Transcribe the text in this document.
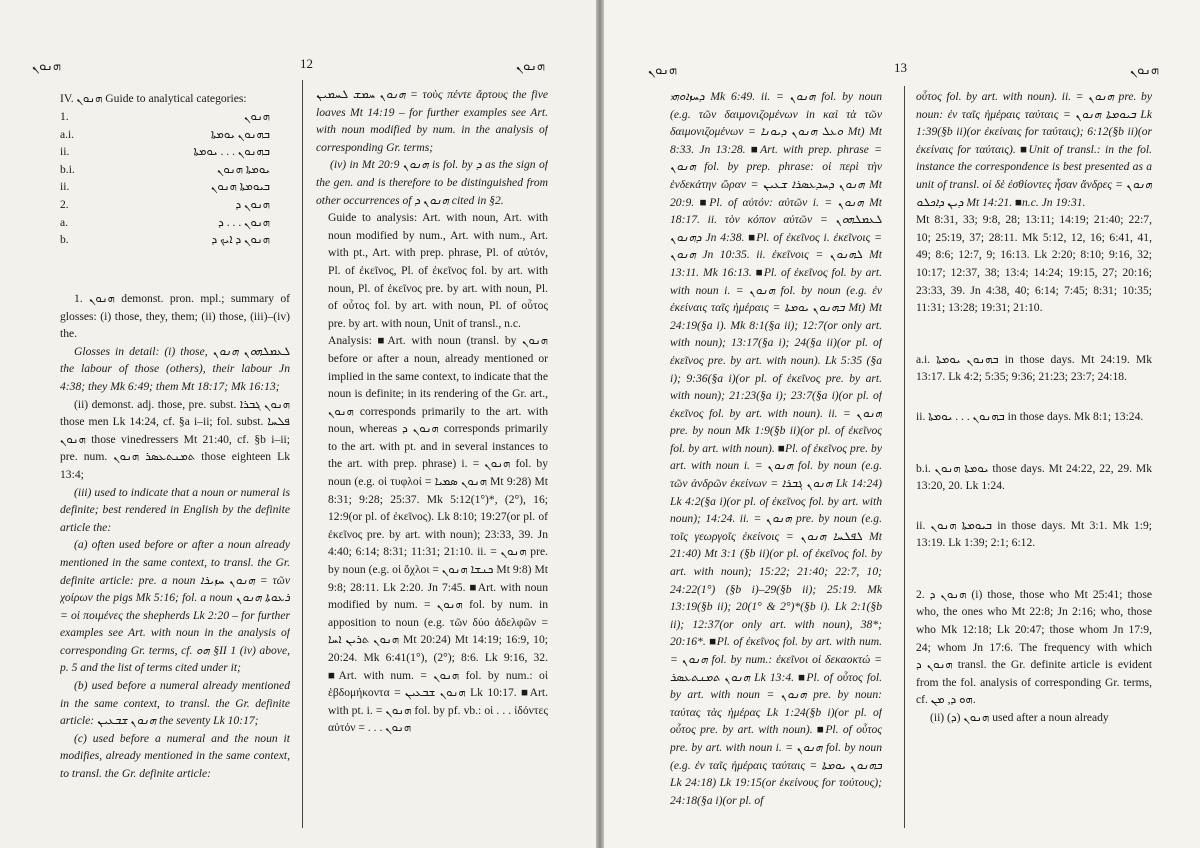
ܗܢܘܢ	12	ܗܢܘܢ
IV. ܗܢܘܢ Guide to analytical categories:
1.	ܗܢܘܢ
a.i.	ܒܗܢܘܢ ܝܘܡܬܐ
ii.	ܒܗܢܘܢ . . . ܝܘܡܬܐ
b.i.	ܝܘܡܬܐ ܗܢܘܢ
ii.	ܒܝܘܡܬܐ ܗܢܘܢ
2.	ܗܢܘܢ ܕ
a.	ܗܢܘܢ . . . ܕ
b.	ܗܢܘܢ ܕ ܐܝܟ ܕ

1. ܗܢܘܢ demonst. pron. mpl.; summary of glosses: (i) those, they, them; (ii) those, (iii)–(iv) the.

Glosses in detail: (i) those, ܠܥܡܠܗܘܢ ܗܢܘܢ the labour of those (others), their labour Jn 4:38; they Mk 6:49; them Mt 18:17; Mk 16:13;

(ii) demonst. adj. those, pre. subst. ܗܢܘܢ ܓܒܪܐ those men Lk 14:24, cf. §a i–ii; fol. subst. ܦܠܚܐ ܗܢܘܢ those vinedressers Mt 21:40, cf. §b i–ii; pre. num. ܬܡܢܬܥܣܪ ܗܢܘܢ those eighteen Lk 13:4;

(iii) used to indicate that a noun or numeral is definite; best rendered in English by the definite article the:

(a) often used before or after a noun already mentioned in the same context, to transl. the Gr. definite article: pre. a noun ܗܢܘܢ ܚܙܝܪܐ = τῶν χοίρων the pigs Mk 5:16; fol. a noun ܪܥܘܬܐ ܗܢܘܢ = οἱ ποιμένες the shepherds Lk 2:20 – for further examples see Art. with noun in the analysis of corresponding Gr. terms, cf. ܗܘ §II 1 (iv) above, p. 5 and the list of terms cited under it;

(b) used before a numeral already mentioned in the same context, to transl. the Gr. definite article: ܗܢܘܢ ܫܒܥܝܢ the seventy Lk 10:17;

(c) used before a numeral and the noun it modifies, already mentioned in the same context, to transl. the Gr. definite article:

ܗܢܘܢ ܚܡܫ ܠܚܡܝܢ = τοὺς πέντε ἄρτους the five loaves Mt 14:19 – for further examples see Art. with noun modified by num. in the analysis of corresponding Gr. terms;

(iv) in Mt 20:9 ܗܢܘܢ is fol. by ܕ as the sign of the gen. and is therefore to be distinguished from other occurrences of ܗܢܘܢ ܕ cited in §2.

Guide to analysis: Art. with noun, Art. with noun modified by num., Art. with num., Art. with pt., Art. with prep. phrase, Pl. of αὐτόν, Pl. of ἐκεῖνος, Pl. of ἐκεῖνος fol. by art. with noun, Pl. of ἐκεῖνος pre. by art. with noun, Pl. of οὗτος fol. by art. with noun, Pl. of οὗτος pre. by art. with noun, Unit of transl., n.c.

Analysis: ■Art. with noun (transl. by ܗܢܘܢ before or after a noun, already mentioned or implied in the same context, to indicate that the noun is definite; in its rendering of the Gr. art., ܗܢܘܢ corresponds primarily to the art. with noun, whereas ܗܢܘܢ ܕ corresponds primarily to the art. with pt. and in several instances to the art. with prep. phrase) i. = ܗܢܘܢ fol. by noun (e.g. οἱ τυφλοί = ܗܢܘܢ ܣܡܝܐ Mt 9:28) Mt 8:31; 9:28; 25:37. Mk 5:12(1°)*, (2°), 16; 12:9(or pl. of ἐκεῖνος). Lk 8:10; 19:27(or pl. of ἐκεῖνος pre. by art. with noun); 23:33, 39. Jn 4:40; 6:14; 8:31; 11:31; 21:10. ii. = ܗܢܘܢ pre. by noun (e.g. οἱ ὄχλοι = ܟܢܫܐ ܗܢܘܢ Mt 9:8) Mt 9:8; 28:11. Lk 2:20. Jn 7:45. ■Art. with noun modified by num. = ܗܢܘܢ fol. by num. in apposition to noun (e.g. τῶν δύο ἀδελφῶν = ܗܢܘܢ ܬܪܝܢ ܐܚܐ Mt 20:24) Mt 14:19; 16:9, 10; 20:24. Mk 6:41(1°), (2°); 8:6. Lk 9:16, 32. ■Art. with num. = ܗܢܘܢ fol. by num.: οἱ ἑβδομήκοντα = ܗܢܘܢ ܫܒܥܝܢ Lk 10:17. ■Art. with pt. i. = ܗܢܘܢ fol. by pf. vb.: οἱ . . . ἰδόντες αὐτόν = . . . ܗܢܘܢ

ܗܢܘܢ	13	ܗܢܘܢ

ܕܚܙܐܘܗܝ Mk 6:49. ii. = ܗܢܘܢ fol. by noun (e.g. τῶν δαιμονιζομένων in καὶ τὰ τῶν δαιμονιζομένων = ܘܥܠ ܗܢܘܢ ܕܝܘܢܐ Mt) Mt 8:33. Jn 13:28. ■Art. with prep. phrase = ܗܢܘܢ fol. by prep. phrase: οἱ περὶ τὴν ἑνδεκάτην ὥραν = ܗܢܘܢ ܕܚܕܥܣܪܐ ܫܥܝܢ Mt 20:9. ■Pl. of αὐτόν: αὐτῶν i. = ܗܢܘܢ Mt 18:17. ii. τὸν κόπον αὐτῶν = ܠܥܡܠܗܘܢ ܕܗܢܘܢ Jn 4:38. ■Pl. of ἐκεῖνος i. ἐκεῖνοις = ܗܢܘܢ Jn 10:35. ii. ἐκεῖνοις = ܠܗܢܘܢ Mt 13:11. Mk 16:13. ■Pl. of ἐκεῖνος fol. by art. with noun i. = ܗܢܘܢ fol. by noun (e.g. ἐν ἐκείναις ταῖς ἡμέραις = ܒܗܢܘܢ ܝܘܡܬܐ Mt) Mt 24:19(§a i). Mk 8:1(§a ii); 12:7(or only art. with noun); 13:17(§a i); 24(§a ii)(or pl. of ἐκεῖνος pre. by art. with noun). Lk 5:35 (§a i); 9:36(§a i)(or pl. of ἐκεῖνος pre. by art. with noun); 21:23(§a i); 23:7(§a i)(or pl. of ἐκεῖνος fol. by art. with noun). ii. = ܗܢܘܢ pre. by noun Mk 1:9(§b ii)(or pl. of ἐκεῖνος fol. by art. with noun). ■Pl. of ἐκεῖνος pre. by art. with noun i. = ܗܢܘܢ fol. by noun (e.g. τῶν ἀνδρῶν ἐκείνων = ܗܢܘܢ ܓܒܪܐ Lk 14:24) Lk 4:2(§a i)(or pl. of ἐκεῖνος fol. by art. with noun); 14:24. ii. = ܗܢܘܢ pre. by noun (e.g. τοῖς γεωργοῖς ἐκείνοις = ܠܦܠܚܐ ܗܢܘܢ Mt 21:40) Mt 3:1 (§b ii)(or pl. of ἐκεῖνος fol. by art. with noun); 15:22; 21:40; 22:7, 10; 24:22(1°) (§b i)–29(§b ii); 25:19. Mk 13:19(§b ii); 20(1° & 2°)*(§b i). Lk 2:1(§b ii); 12:37(or only art. with noun), 38*; 20:16*. ■Pl. of ἐκεῖνος fol. by art. with num. = ܗܢܘܢ fol. by num.: ἐκεῖνοι οἱ δεκαοκτώ = ܗܢܘܢ ܬܡܢܬܥܣܪ Lk 13:4. ■Pl. of οὗτος fol. by art. with noun = ܗܢܘܢ pre. by noun: ταύτας τὰς ἡμέρας Lk 1:24(§b i)(or pl. of οὗτος pre. by art. with noun). ■Pl. of οὗτος pre. by art. with noun i. = ܗܢܘܢ fol. by noun (e.g. ἐν ταῖς ἡμέραις ταύταις = ܒܗܢܘܢ ܝܘܡܬܐ Lk 24:18) Lk 19:15(or ἐκείνους for τούτους); 24:18(§a i)(or pl. of

οὗτος fol. by art. with noun). ii. = ܗܢܘܢ pre. by noun: ἐν ταῖς ἡμέραις ταύταις = ܒܝܘܡܬܐ ܗܢܘܢ Lk 1:39(§b ii)(or ἐκείναις for ταύταις); 6:12(§b ii)(or ἐκείναις for ταύταις). ■Unit of transl.: in the fol. instance the correspondence is best presented as a unit of transl. οἱ δὲ ἐσθίοντες ἦσαν ἄνδρες = ܗܢܘܢ ܕܝܢ ܕܐܟܠܘ Mt 14:21. ■n.c. Jn 19:31.

Mt 8:31, 33; 9:8, 28; 13:11; 14:19; 21:40; 22:7, 10; 25:19, 37; 28:11. Mk 5:12, 12, 16; 6:41, 41, 49; 8:6; 12:7, 9; 16:13. Lk 2:20; 8:10; 9:16, 32; 10:17; 12:37, 38; 13:4; 14:24; 19:15, 27; 20:16; 23:33, 39. Jn 4:38, 40; 6:14; 7:45; 8:31; 10:35; 11:31; 13:28; 19:31; 21:10.

a.i. ܒܗܢܘܢ ܝܘܡܬܐ in those days. Mt 24:19. Mk 13:17. Lk 4:2; 5:35; 9:36; 21:23; 23:7; 24:18.

ii. ܒܗܢܘܢ . . . ܝܘܡܬܐ in those days. Mk 8:1; 13:24.

b.i. ܝܘܡܬܐ ܗܢܘܢ those days. Mt 24:22, 22, 29. Mk 13:20, 20. Lk 1:24.

ii. ܒܝܘܡܬܐ ܗܢܘܢ in those days. Mt 3:1. Mk 1:9; 13:19. Lk 1:39; 2:1; 6:12.

2. ܗܢܘܢ ܕ (i) those, those who Mt 25:41; those who, the ones who Mt 22:8; Jn 2:16; who, those who Mk 12:18; Lk 20:47; those whom Jn 17:9, 24; whom Jn 17:6. The frequency with which ܗܢܘܢ ܕ transl. the Gr. definite article is evident from the fol. analysis of corresponding Gr. terms, cf. ܗܘ ܕ, ܡܢ.

(ii) (ܕ) ܗܢܘܢ used after a noun already
